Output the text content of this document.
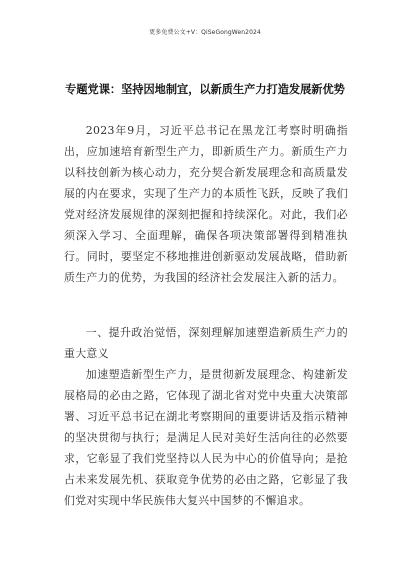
更多免费公文+V：QiSeGongWen2024
专题党课：坚持因地制宜，以新质生产力打造发展新优势

2023年9月，习近平总书记在黑龙江考察时明确指出，应加速培育新型生产力，即新质生产力。新质生产力以科技创新为核心动力，充分契合新发展理念和高质量发展的内在要求，实现了生产力的本质性飞跃，反映了我们党对经济发展规律的深刻把握和持续深化。对此，我们必须深入学习、全面理解，确保各项决策部署得到精准执行。同时，要坚定不移地推进创新驱动发展战略，借助新质生产力的优势，为我国的经济社会发展注入新的活力。

一、提升政治觉悟，深刻理解加速塑造新质生产力的重大意义

加速塑造新型生产力，是贯彻新发展理念、构建新发展格局的必由之路，它体现了湖北省对党中央重大决策部署、习近平总书记在湖北考察期间的重要讲话及指示精神的坚决贯彻与执行；是满足人民对美好生活向往的必然要求，它彰显了我们党坚持以人民为中心的价值导向；是抢占未来发展先机、获取竞争优势的必由之路，它彰显了我们党对实现中华民族伟大复兴中国梦的不懈追求。
